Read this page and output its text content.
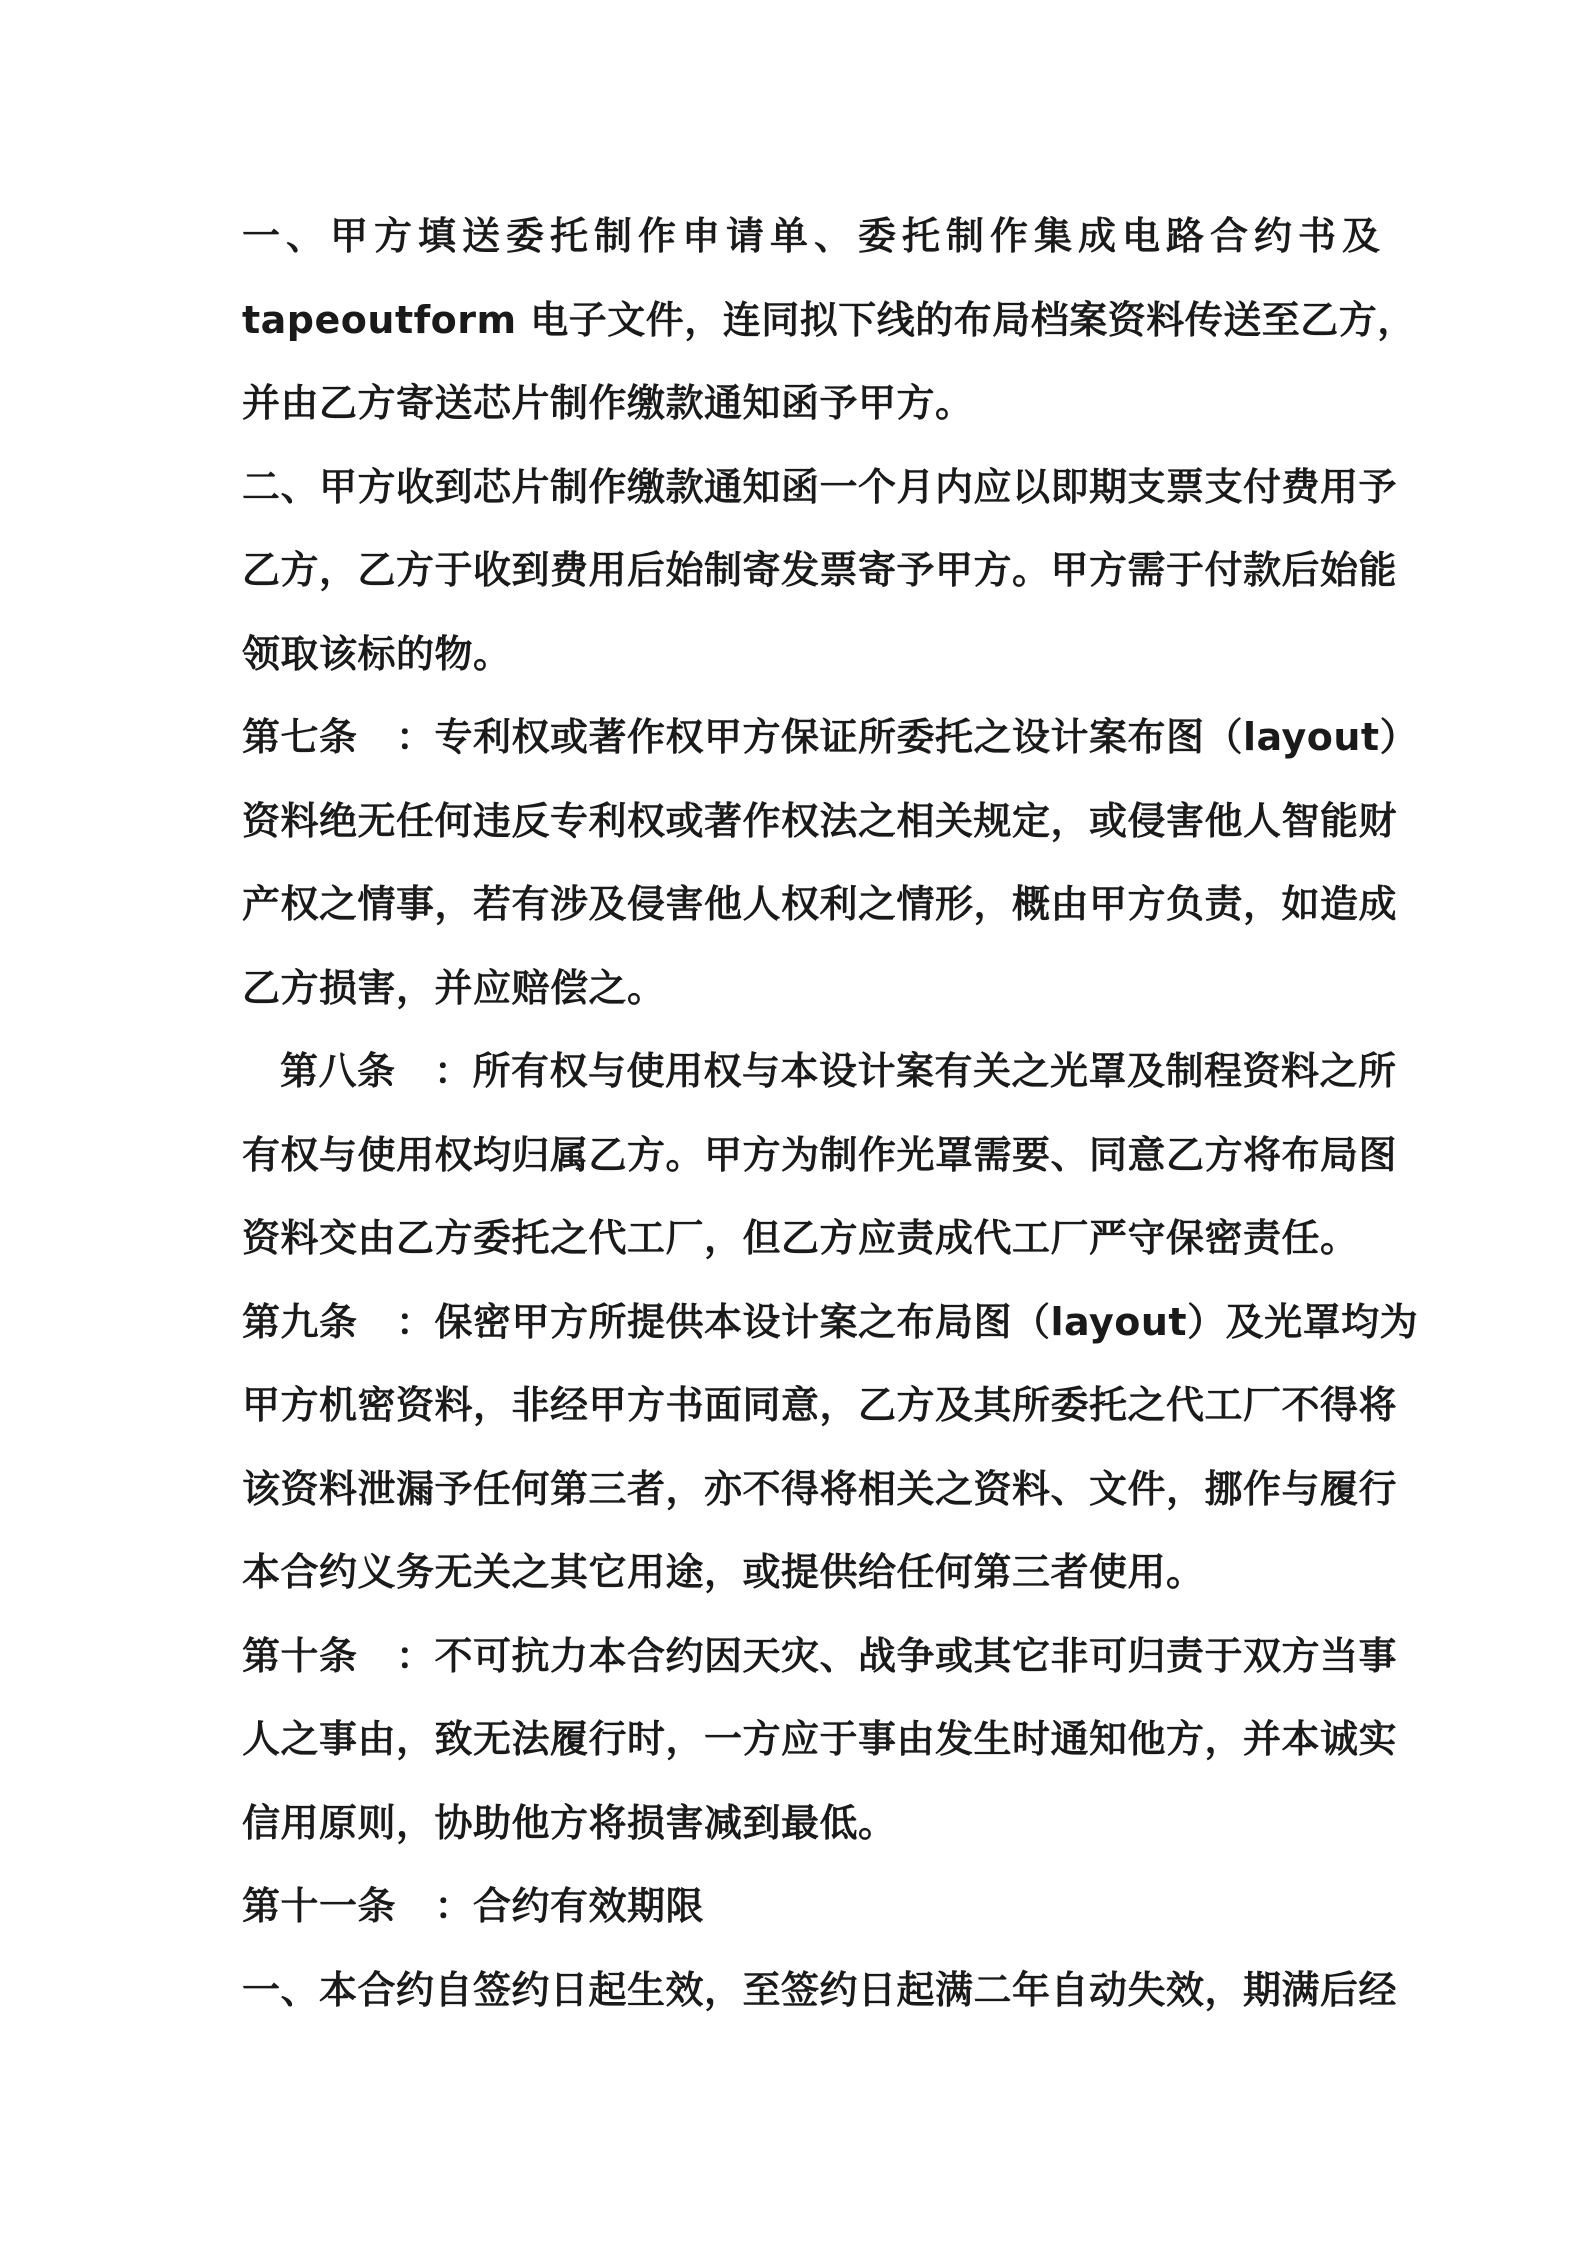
一、甲方填送委托制作申请单、委托制作集成电路合约书及
tapeoutform 电子文件，连同拟下线的布局档案资料传送至乙方，
并由乙方寄送芯片制作缴款通知函予甲方。
二、甲方收到芯片制作缴款通知函一个月内应以即期支票支付费用予
乙方，乙方于收到费用后始制寄发票寄予甲方。甲方需于付款后始能
领取该标的物。
第七条　：专利权或著作权甲方保证所委托之设计案布图（layout）
资料绝无任何违反专利权或著作权法之相关规定，或侵害他人智能财
产权之情事，若有涉及侵害他人权利之情形，概由甲方负责，如造成
乙方损害，并应赔偿之。
第八条　：所有权与使用权与本设计案有关之光罩及制程资料之所
有权与使用权均归属乙方。甲方为制作光罩需要、同意乙方将布局图
资料交由乙方委托之代工厂，但乙方应责成代工厂严守保密责任。
第九条　：保密甲方所提供本设计案之布局图（layout）及光罩均为
甲方机密资料，非经甲方书面同意，乙方及其所委托之代工厂不得将
该资料泄漏予任何第三者，亦不得将相关之资料、文件，挪作与履行
本合约义务无关之其它用途，或提供给任何第三者使用。
第十条　：不可抗力本合约因天灾、战争或其它非可归责于双方当事
人之事由，致无法履行时，一方应于事由发生时通知他方，并本诚实
信用原则，协助他方将损害减到最低。
第十一条　：合约有效期限
一、本合约自签约日起生效，至签约日起满二年自动失效，期满后经
